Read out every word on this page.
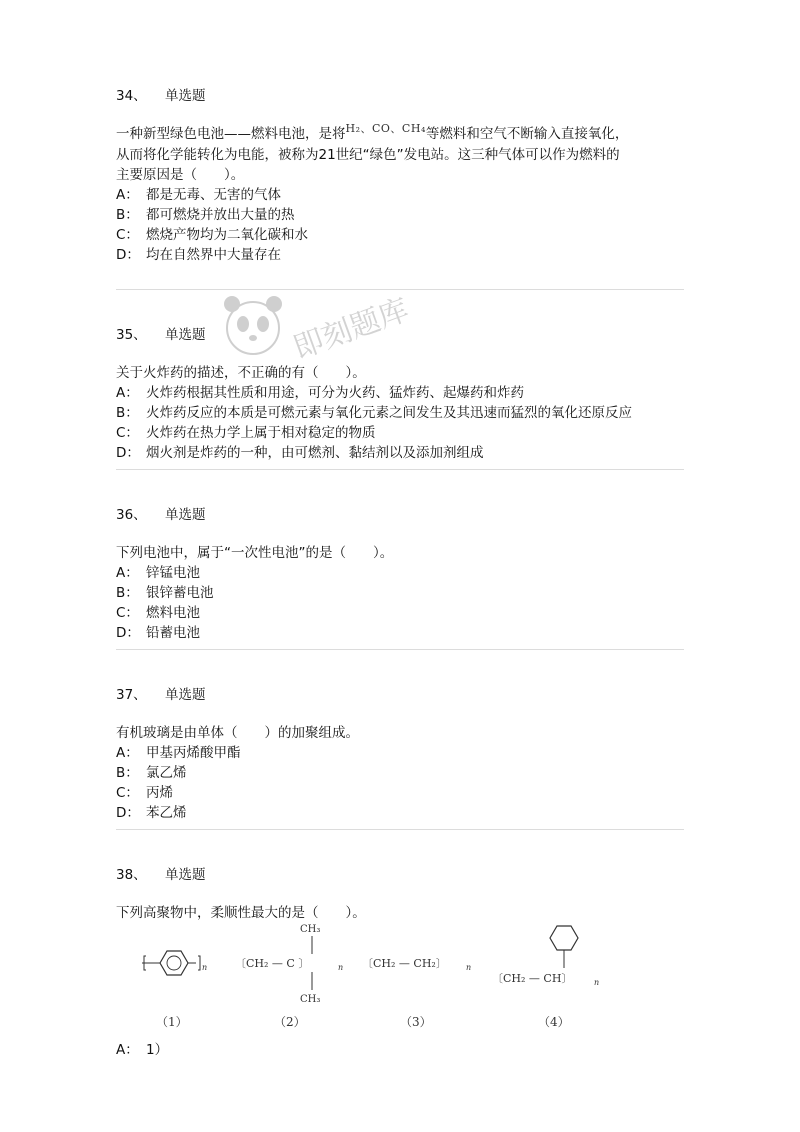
34、 单选题
一种新型绿色电池——燃料电池，是将$^{H_2、CO、CH_4}$等燃料和空气不断输入直接氧化，
从而将化学能转化为电能，被称为21世纪“绿色”发电站。这三种气体可以作为燃料的
主要原因是（　　）。
A： 都是无毒、无害的气体
B： 都可燃烧并放出大量的热
C： 燃烧产物均为二氧化碳和水
D： 均在自然界中大量存在
35、 单选题
关于火炸药的描述，不正确的有（　　）。
A： 火炸药根据其性质和用途，可分为火药、猛炸药、起爆药和炸药
B： 火炸药反应的本质是可燃元素与氧化元素之间发生及其迅速而猛烈的氧化还原反应
C： 火炸药在热力学上属于相对稳定的物质
D： 烟火剂是炸药的一种，由可燃剂、黏结剂以及添加剂组成
36、 单选题
下列电池中，属于“一次性电池”的是（　　）。
A： 锌锰电池
B： 银锌蓄电池
C： 燃料电池
D： 铅蓄电池
37、 单选题
有机玻璃是由单体（　　）的加聚组成。
A： 甲基丙烯酸甲酯
B： 氯乙烯
C： 丙烯
D： 苯乙烯
38、 单选题
下列高聚物中，柔顺性最大的是（　　）。
n
（1）
CH₃
〔CH₂ — C 〕
CH₃
n
（2）
〔CH₂ — CH₂〕 n
（3）
〔CH₂ — CH〕	n
（4）
A： 1）
即刻题库
